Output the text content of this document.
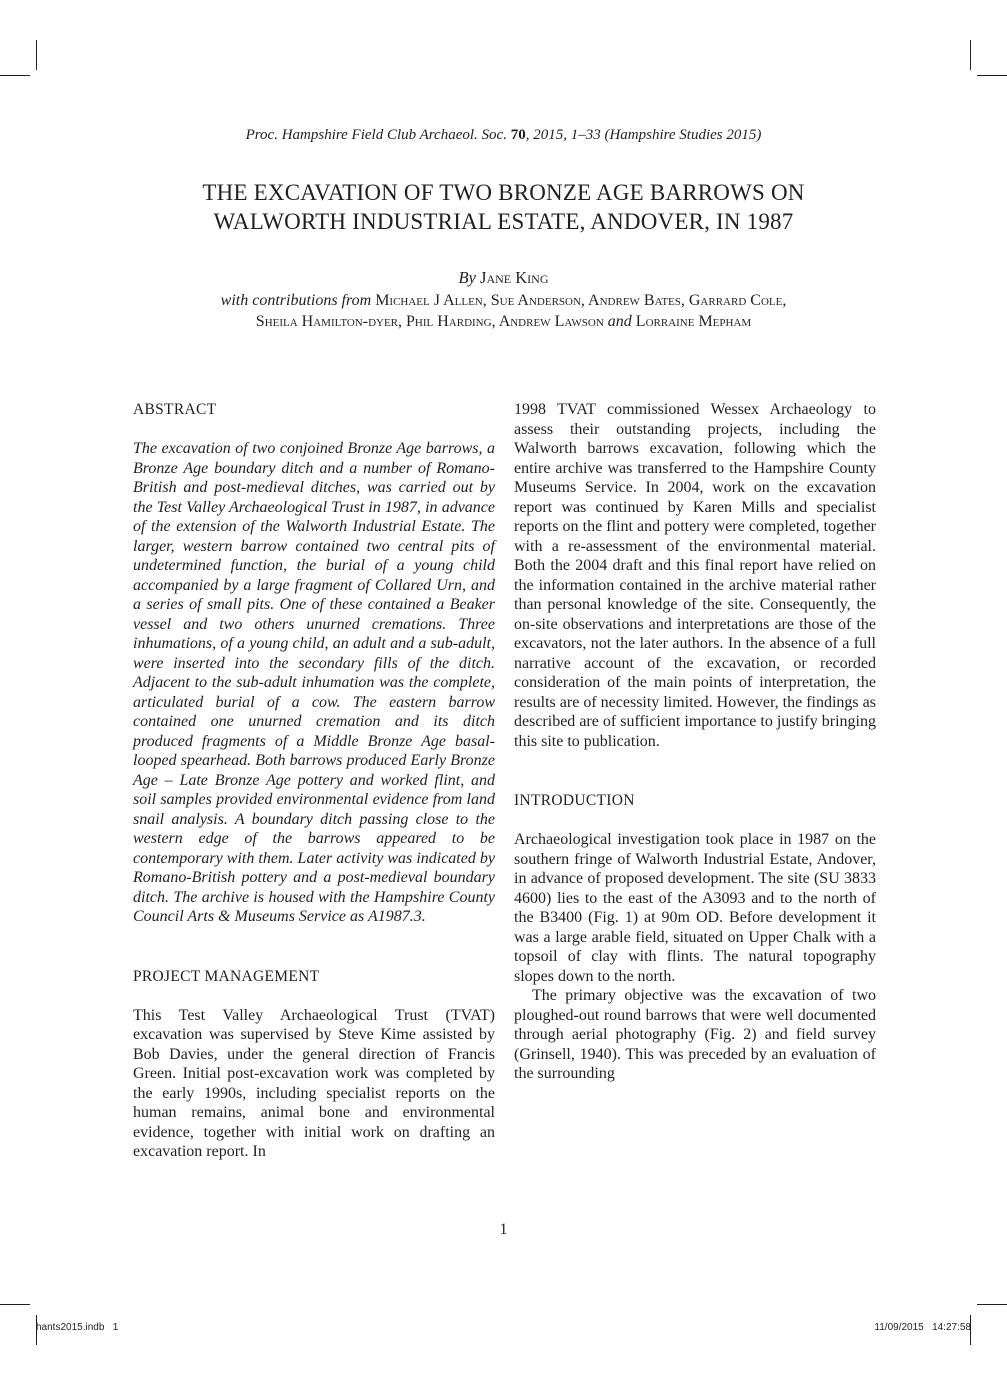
Proc. Hampshire Field Club Archaeol. Soc. 70, 2015, 1–33 (Hampshire Studies 2015)
THE EXCAVATION OF TWO BRONZE AGE BARROWS ON
WALWORTH INDUSTRIAL ESTATE, ANDOVER, IN 1987
By Jane King
with contributions from Michael J Allen, Sue Anderson, Andrew Bates, Garrard Cole,
Sheila Hamilton-dyer, Phil Harding, Andrew Lawson and Lorraine Mepham
ABSTRACT

The excavation of two conjoined Bronze Age barrows, a Bronze Age boundary ditch and a number of Romano-British and post-medieval ditches, was carried out by the Test Valley Archaeological Trust in 1987, in advance of the extension of the Walworth Industrial Estate. The larger, western barrow contained two central pits of undetermined function, the burial of a young child accompanied by a large fragment of Collared Urn, and a series of small pits. One of these contained a Beaker vessel and two others unurned cremations. Three inhumations, of a young child, an adult and a sub-adult, were inserted into the secondary fills of the ditch. Adjacent to the sub-adult inhumation was the complete, articulated burial of a cow. The eastern barrow contained one unurned cremation and its ditch produced fragments of a Middle Bronze Age basal-looped spearhead. Both barrows produced Early Bronze Age – Late Bronze Age pottery and worked flint, and soil samples provided environmental evidence from land snail analysis. A boundary ditch passing close to the western edge of the barrows appeared to be contemporary with them. Later activity was indicated by Romano-British pottery and a post-medieval boundary ditch. The archive is housed with the Hampshire County Council Arts & Museums Service as A1987.3.

PROJECT MANAGEMENT

This Test Valley Archaeological Trust (TVAT) excavation was supervised by Steve Kime assisted by Bob Davies, under the general direction of Francis Green. Initial post-excavation work was completed by the early 1990s, including specialist reports on the human remains, animal bone and environmental evidence, together with initial work on drafting an excavation report. In

1998 TVAT commissioned Wessex Archaeology to assess their outstanding projects, including the Walworth barrows excavation, following which the entire archive was transferred to the Hampshire County Museums Service. In 2004, work on the excavation report was continued by Karen Mills and specialist reports on the flint and pottery were completed, together with a re-assessment of the environmental material. Both the 2004 draft and this final report have relied on the information contained in the archive material rather than personal knowledge of the site. Consequently, the on-site observations and interpretations are those of the excavators, not the later authors. In the absence of a full narrative account of the excavation, or recorded consideration of the main points of interpretation, the results are of necessity limited. However, the findings as described are of sufficient importance to justify bringing this site to publication.

INTRODUCTION

Archaeological investigation took place in 1987 on the southern fringe of Walworth Industrial Estate, Andover, in advance of proposed development. The site (SU 3833 4600) lies to the east of the A3093 and to the north of the B3400 (Fig. 1) at 90m OD. Before development it was a large arable field, situated on Upper Chalk with a topsoil of clay with flints. The natural topography slopes down to the north.

The primary objective was the excavation of two ploughed-out round barrows that were well documented through aerial photography (Fig. 2) and field survey (Grinsell, 1940). This was preceded by an evaluation of the surrounding

1
hants2015.indb   1	11/09/2015   14:27:58
